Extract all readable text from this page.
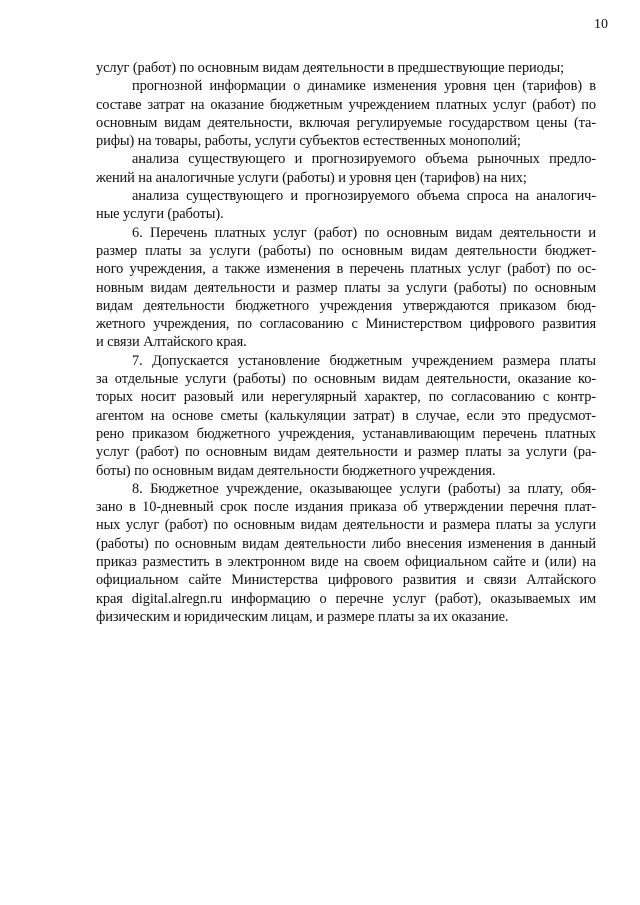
10
услуг (работ) по основным видам деятельности в предшествующие периоды;
прогнозной информации о динамике изменения уровня цен (тарифов) в
составе затрат на оказание бюджетным учреждением платных услуг (работ) по
основным видам деятельности, включая регулируемые государством цены (та-
рифы) на товары, работы, услуги субъектов естественных монополий;
анализа существующего и прогнозируемого объема рыночных предло-
жений на аналогичные услуги (работы) и уровня цен (тарифов) на них;
анализа существующего и прогнозируемого объема спроса на аналогич-
ные услуги (работы).
6. Перечень платных услуг (работ) по основным видам деятельности и
размер платы за услуги (работы) по основным видам деятельности бюджет-
ного учреждения, а также изменения в перечень платных услуг (работ) по ос-
новным видам деятельности и размер платы за услуги (работы) по основным
видам деятельности бюджетного учреждения утверждаются приказом бюд-
жетного учреждения, по согласованию с Министерством цифрового развития
и связи Алтайского края.
7. Допускается установление бюджетным учреждением размера платы
за отдельные услуги (работы) по основным видам деятельности, оказание ко-
торых носит разовый или нерегулярный характер, по согласованию с контр-
агентом на основе сметы (калькуляции затрат) в случае, если это предусмот-
рено приказом бюджетного учреждения, устанавливающим перечень платных
услуг (работ) по основным видам деятельности и размер платы за услуги (ра-
боты) по основным видам деятельности бюджетного учреждения.
8. Бюджетное учреждение, оказывающее услуги (работы) за плату, обя-
зано в 10-дневный срок после издания приказа об утверждении перечня плат-
ных услуг (работ) по основным видам деятельности и размера платы за услуги
(работы) по основным видам деятельности либо внесения изменения в данный
приказ разместить в электронном виде на своем официальном сайте и (или) на
официальном сайте Министерства цифрового развития и связи Алтайского
края digital.alregn.ru информацию о перечне услуг (работ), оказываемых им
физическим и юридическим лицам, и размере платы за их оказание.
